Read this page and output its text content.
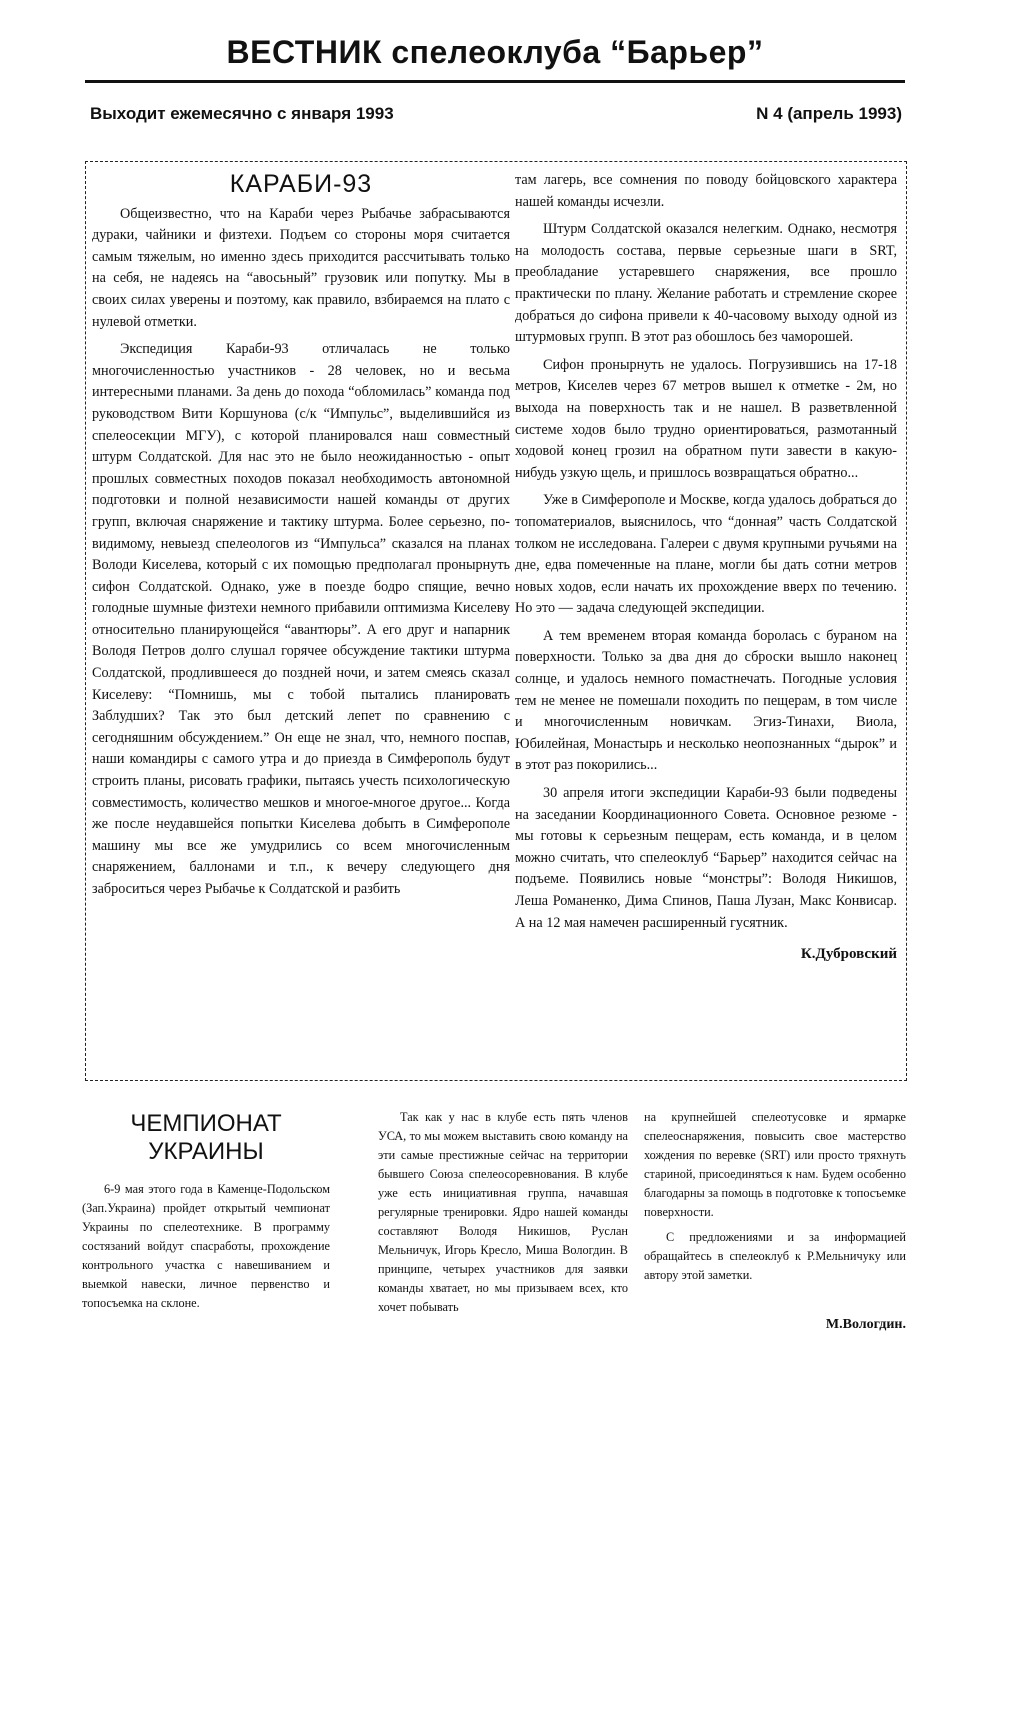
ВЕСТНИК спелеоклуба “Барьер”
Выходит ежемесячно с января 1993	N 4 (апрель 1993)
КАРАБИ-93

Общеизвестно, что на Караби через Рыбачье забрасываются дураки, чайники и физтехи. Подъем со стороны моря считается самым тяжелым, но именно здесь приходится рассчитывать только на себя, не надеясь на “авосьный” грузовик или попутку. Мы в своих силах уверены и поэтому, как правило, взбираемся на плато с нулевой отметки.

Экспедиция Караби-93 отличалась не только многочисленностью участников - 28 человек, но и весьма интересными планами. За день до похода “обломилась” команда под руководством Вити Коршунова (с/к “Импульс”, выделившийся из спелеосекции МГУ), с которой планировался наш совместный штурм Солдатской. Для нас это не было неожиданностью - опыт прошлых совместных походов показал необходимость автономной подготовки и полной независимости нашей команды от других групп, включая снаряжение и тактику штурма. Более серьезно, по-видимому, невыезд спелеологов из “Импульса” сказался на планах Володи Киселева, который с их помощью предполагал пронырнуть сифон Солдатской. Однако, уже в поезде бодро спящие, вечно голодные шумные физтехи немного прибавили оптимизма Киселеву относительно планирующейся “авантюры”. А его друг и напарник Володя Петров долго слушал горячее обсуждение тактики штурма Солдатской, продлившееся до поздней ночи, и затем смеясь сказал Киселеву: “Помнишь, мы с тобой пытались планировать Заблудших? Так это был детский лепет по сравнению с сегодняшним обсуждением.” Он еще не знал, что, немного поспав, наши командиры с самого утра и до приезда в Симферополь будут строить планы, рисовать графики, пытаясь учесть психологическую совместимость, количество мешков и многое-многое другое... Когда же после неудавшейся попытки Киселева добыть в Симферополе машину мы все же умудрились со всем многочисленным снаряжением, баллонами и т.п., к вечеру следующего дня заброситься через Рыбачье к Солдатской и разбить

там лагерь, все сомнения по поводу бойцовского характера нашей команды исчезли.

Штурм Солдатской оказался нелегким. Однако, несмотря на молодость состава, первые серьезные шаги в SRT, преобладание устаревшего снаряжения, все прошло практически по плану. Желание работать и стремление скорее добраться до сифона привели к 40-часовому выходу одной из штурмовых групп. В этот раз обошлось без чаморошей.

Сифон пронырнуть не удалось. Погрузившись на 17-18 метров, Киселев через 67 метров вышел к отметке - 2м, но выхода на поверхность так и не нашел. В разветвленной системе ходов было трудно ориентироваться, размотанный ходовой конец грозил на обратном пути завести в какую-нибудь узкую щель, и пришлось возвращаться обратно...

Уже в Симферополе и Москве, когда удалось добраться до топоматериалов, выяснилось, что “донная” часть Солдатской толком не исследована. Галереи с двумя крупными ручьями на дне, едва помеченные на плане, могли бы дать сотни метров новых ходов, если начать их прохождение вверх по течению. Но это — задача следующей экспедиции.

А тем временем вторая команда боролась с бураном на поверхности. Только за два дня до сброски вышло наконец солнце, и удалось немного помастнечать. Погодные условия тем не менее не помешали походить по пещерам, в том числе и многочисленным новичкам. Эгиз-Тинахи, Виола, Юбилейная, Монастырь и несколько неопознанных “дырок” и в этот раз покорились...

30 апреля итоги экспедиции Караби-93 были подведены на заседании Координационного Совета. Основное резюме - мы готовы к серьезным пещерам, есть команда, и в целом можно считать, что спелеоклуб “Барьер” находится сейчас на подъеме. Появились новые “монстры”: Володя Никишов, Леша Романенко, Дима Спинов, Паша Лузан, Макс Конвисар. А на 12 мая намечен расширенный гусятник.

К.Дубровский
ЧЕМПИОНАТ УКРАИНЫ

6-9 мая этого года в Каменце-Подольском (Зап.Украина) пройдет открытый чемпионат Украины по спелеотехнике. В программу состязаний войдут спасработы, прохождение контрольного участка с навешиванием и выемкой навески, личное первенство и топосъемка на склоне.

Так как у нас в клубе есть пять членов УСА, то мы можем выставить свою команду на эти самые престижные сейчас на территории бывшего Союза спелеосоревнования. В клубе уже есть инициативная группа, начавшая регулярные тренировки. Ядро нашей команды составляют Володя Никишов, Руслан Мельничук, Игорь Кресло, Миша Вологдин. В принципе, четырех участников для заявки команды хватает, но мы призываем всех, кто хочет побывать

на крупнейшей спелеотусовке и ярмарке спелеоснаряжения, повысить свое мастерство хождения по веревке (SRT) или просто тряхнуть стариной, присоединяться к нам. Будем особенно благодарны за помощь в подготовке к топосъемке поверхности.

С предложениями и за информацией обращайтесь в спелеоклуб к Р.Мельничуку или автору этой заметки.

М.Вологдин.
